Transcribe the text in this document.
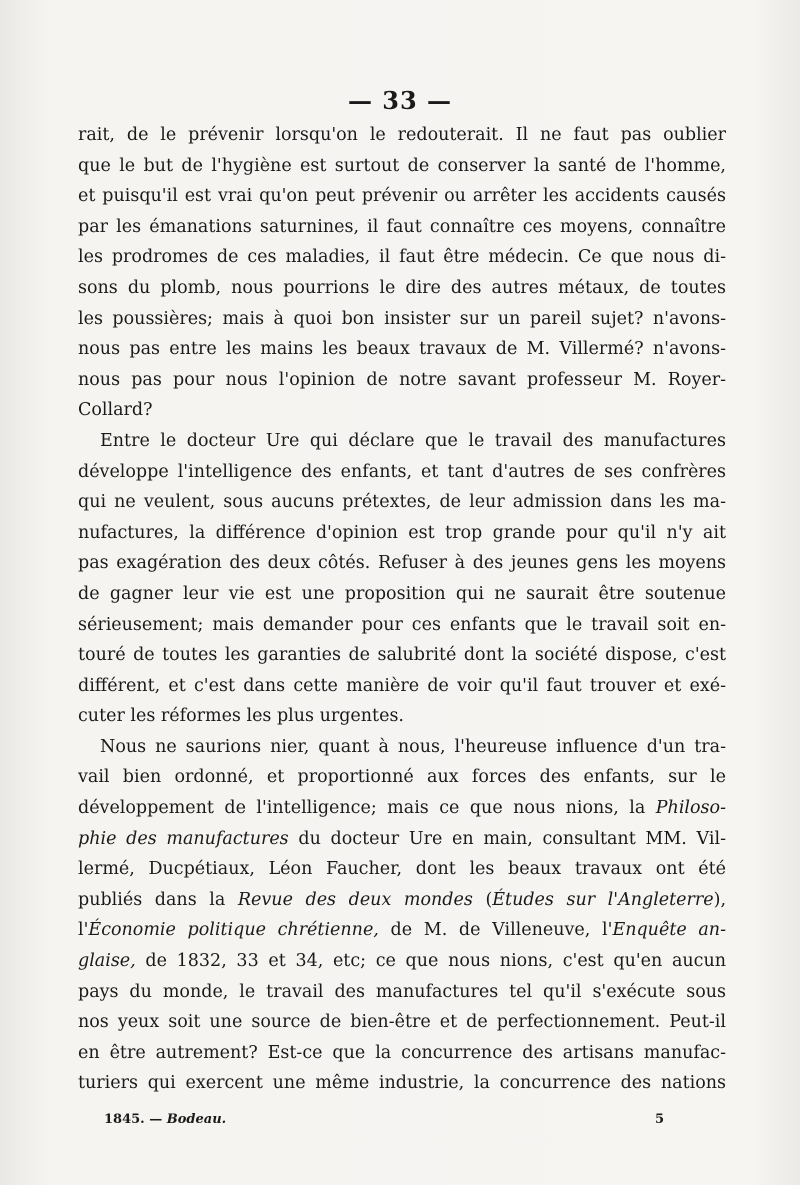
— 33 —
rait, de le prévenir lorsqu'on le redouterait. Il ne faut pas oublier
que le but de l'hygiène est surtout de conserver la santé de l'homme,
et puisqu'il est vrai qu'on peut prévenir ou arrêter les accidents causés
par les émanations saturnines, il faut connaître ces moyens, connaître
les prodromes de ces maladies, il faut être médecin. Ce que nous di-
sons du plomb, nous pourrions le dire des autres métaux, de toutes
les poussières; mais à quoi bon insister sur un pareil sujet? n'avons-
nous pas entre les mains les beaux travaux de M. Villermé? n'avons-
nous pas pour nous l'opinion de notre savant professeur M. Royer-
Collard?
Entre le docteur Ure qui déclare que le travail des manufactures
développe l'intelligence des enfants, et tant d'autres de ses confrères
qui ne veulent, sous aucuns prétextes, de leur admission dans les ma-
nufactures, la différence d'opinion est trop grande pour qu'il n'y ait
pas exagération des deux côtés. Refuser à des jeunes gens les moyens
de gagner leur vie est une proposition qui ne saurait être soutenue
sérieusement; mais demander pour ces enfants que le travail soit en-
touré de toutes les garanties de salubrité dont la société dispose, c'est
différent, et c'est dans cette manière de voir qu'il faut trouver et exé-
cuter les réformes les plus urgentes.
Nous ne saurions nier, quant à nous, l'heureuse influence d'un tra-
vail bien ordonné, et proportionné aux forces des enfants, sur le
développement de l'intelligence; mais ce que nous nions, la Philoso-
phie des manufactures du docteur Ure en main, consultant MM. Vil-
lermé, Ducpétiaux, Léon Faucher, dont les beaux travaux ont été
publiés dans la Revue des deux mondes (Études sur l'Angleterre),
l'Économie politique chrétienne, de M. de Villeneuve, l'Enquête an-
glaise, de 1832, 33 et 34, etc; ce que nous nions, c'est qu'en aucun
pays du monde, le travail des manufactures tel qu'il s'exécute sous
nos yeux soit une source de bien-être et de perfectionnement. Peut-il
en être autrement? Est-ce que la concurrence des artisans manufac-
turiers qui exercent une même industrie, la concurrence des nations
1845. — Bodeau.	5
